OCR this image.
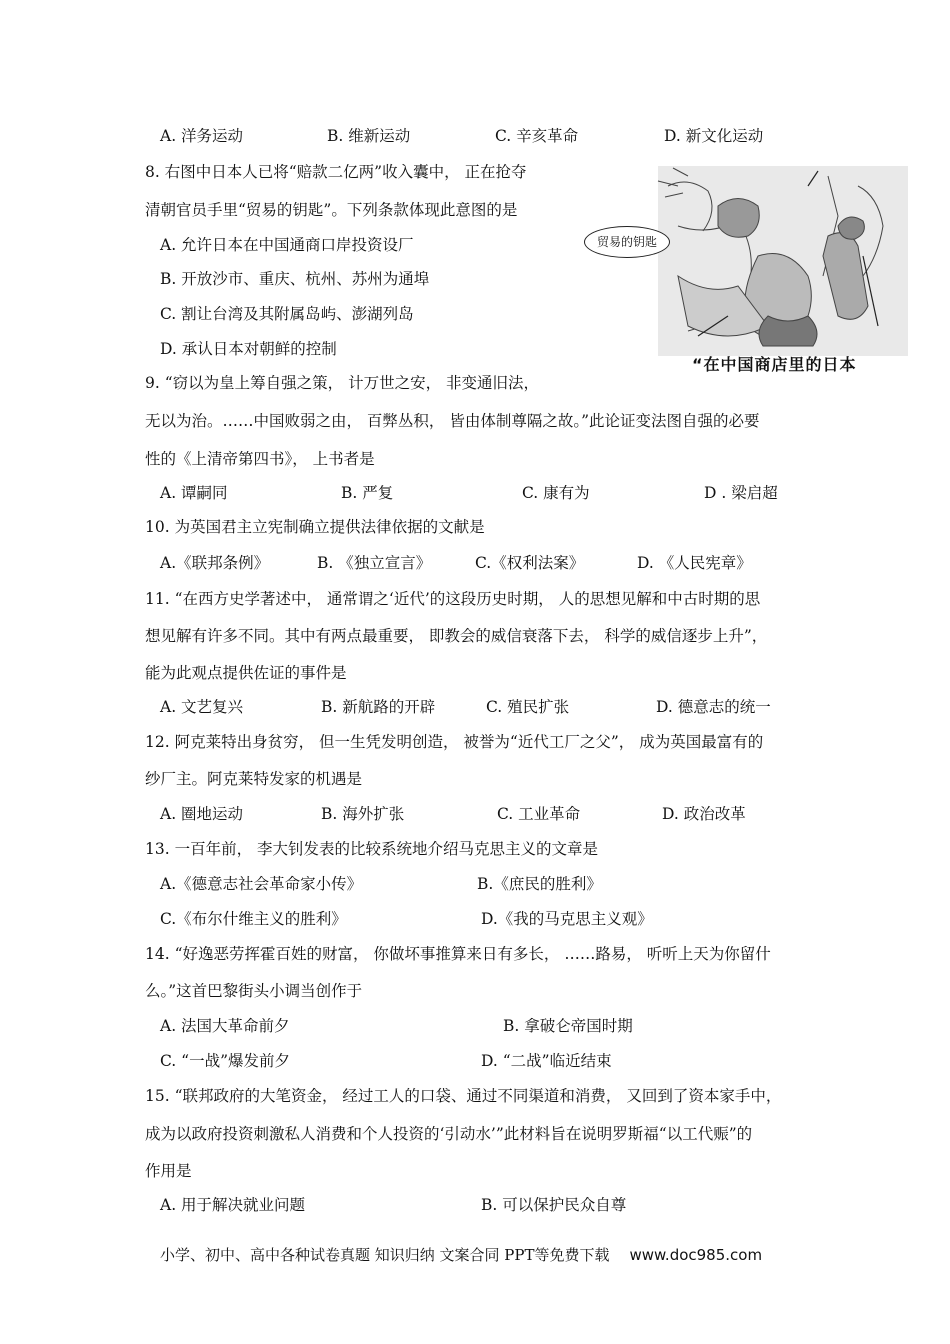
A. 洋务运动	B. 维新运动	C. 辛亥革命	D. 新文化运动
8. 右图中日本人已将“赔款二亿两”收入囊中， 正在抢夺
清朝官员手里“贸易的钥匙”。下列条款体现此意图的是
A. 允许日本在中国通商口岸投资设厂
B. 开放沙市、重庆、杭州、苏州为通埠
C. 割让台湾及其附属岛屿、澎湖列岛
D. 承认日本对朝鲜的控制
贸易的钥匙
“在中国商店里的日本
9. “窃以为皇上筹自强之策， 计万世之安， 非变通旧法，
无以为治。……中国败弱之由， 百弊丛积， 皆由体制尊隔之故。”此论证变法图自强的必要
性的《上清帝第四书》， 上书者是
A. 谭嗣同	B. 严复	C. 康有为	D . 梁启超
10. 为英国君主立宪制确立提供法律依据的文献是
A.《联邦条例》	B. 《独立宣言》	C.《权利法案》	D. 《人民宪章》
11. “在西方史学著述中， 通常谓之‘近代’的这段历史时期， 人的思想见解和中古时期的思
想见解有许多不同。其中有两点最重要， 即教会的威信衰落下去， 科学的威信逐步上升”，
能为此观点提供佐证的事件是
A. 文艺复兴	B. 新航路的开辟	C. 殖民扩张	D. 德意志的统一
12. 阿克莱特出身贫穷， 但一生凭发明创造， 被誉为“近代工厂之父”， 成为英国最富有的
纱厂主。阿克莱特发家的机遇是
A. 圈地运动	B. 海外扩张	C. 工业革命	D. 政治改革
13. 一百年前， 李大钊发表的比较系统地介绍马克思主义的文章是
A.《德意志社会革命家小传》	B.《庶民的胜利》
C.《布尔什维主义的胜利》	D.《我的马克思主义观》
14. “好逸恶劳挥霍百姓的财富， 你做坏事推算来日有多长， ……路易， 听听上天为你留什
么。”这首巴黎街头小调当创作于
A. 法国大革命前夕	B. 拿破仑帝国时期
C. “一战”爆发前夕	D. “二战”临近结束
15. “联邦政府的大笔资金， 经过工人的口袋、通过不同渠道和消费， 又回到了资本家手中，
成为以政府投资刺激私人消费和个人投资的‘引动水’”此材料旨在说明罗斯福“以工代赈”的
作用是
A. 用于解决就业问题	B. 可以保护民众自尊
小学、初中、高中各种试卷真题 知识归纳 文案合同 PPT等免费下载 www.doc985.com
